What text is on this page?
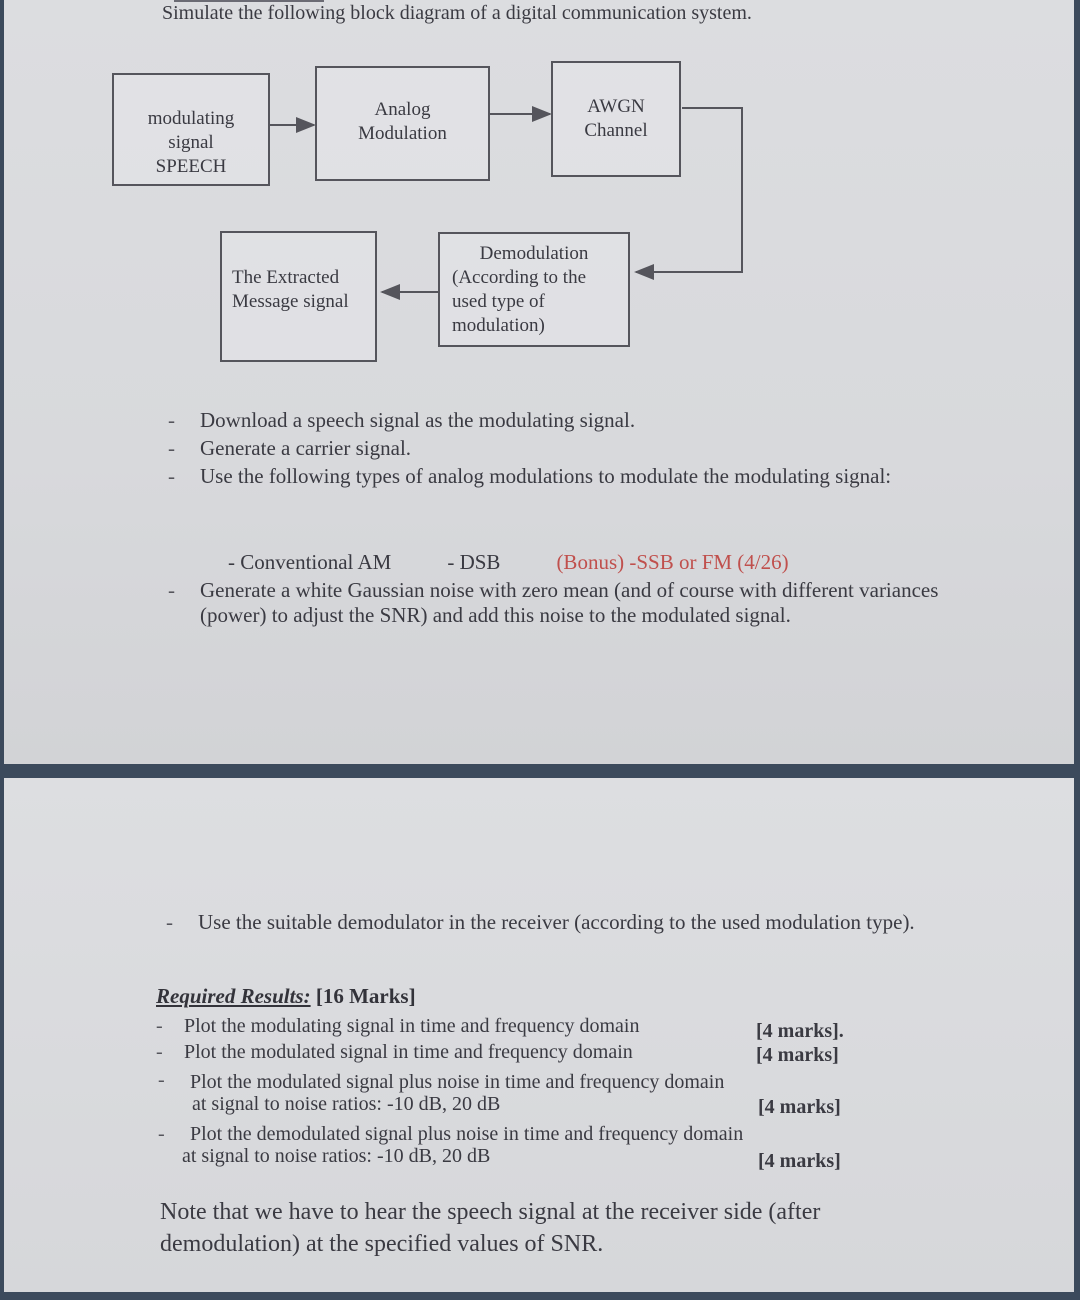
Simulate the following block diagram of a digital communication system.
modulating
signal
SPEECH
Analog
Modulation
AWGN
Channel
Demodulation
(According to the
used type of
modulation)
The Extracted
Message signal
- Download a speech signal as the modulating signal.
- Generate a carrier signal.
- Use the following types of analog modulations to modulate the modulating signal:
- Conventional AM	- DSB	(Bonus) -SSB or FM (4/26)
- Generate a white Gaussian noise with zero mean (and of course with different variances (power) to adjust the SNR) and add this noise to the modulated signal.
- Use the suitable demodulator in the receiver (according to the used modulation type).
Required Results: [16 Marks]
- Plot the modulating signal in time and frequency domain	[4 marks].
- Plot the modulated signal in time and frequency domain	[4 marks]
- Plot the modulated signal plus noise in time and frequency domain
at signal to noise ratios: -10 dB, 20 dB	[4 marks]
- Plot the demodulated signal plus noise in time and frequency domain
at signal to noise ratios: -10 dB, 20 dB	[4 marks]
Note that we have to hear the speech signal at the receiver side (after demodulation) at the specified values of SNR.
